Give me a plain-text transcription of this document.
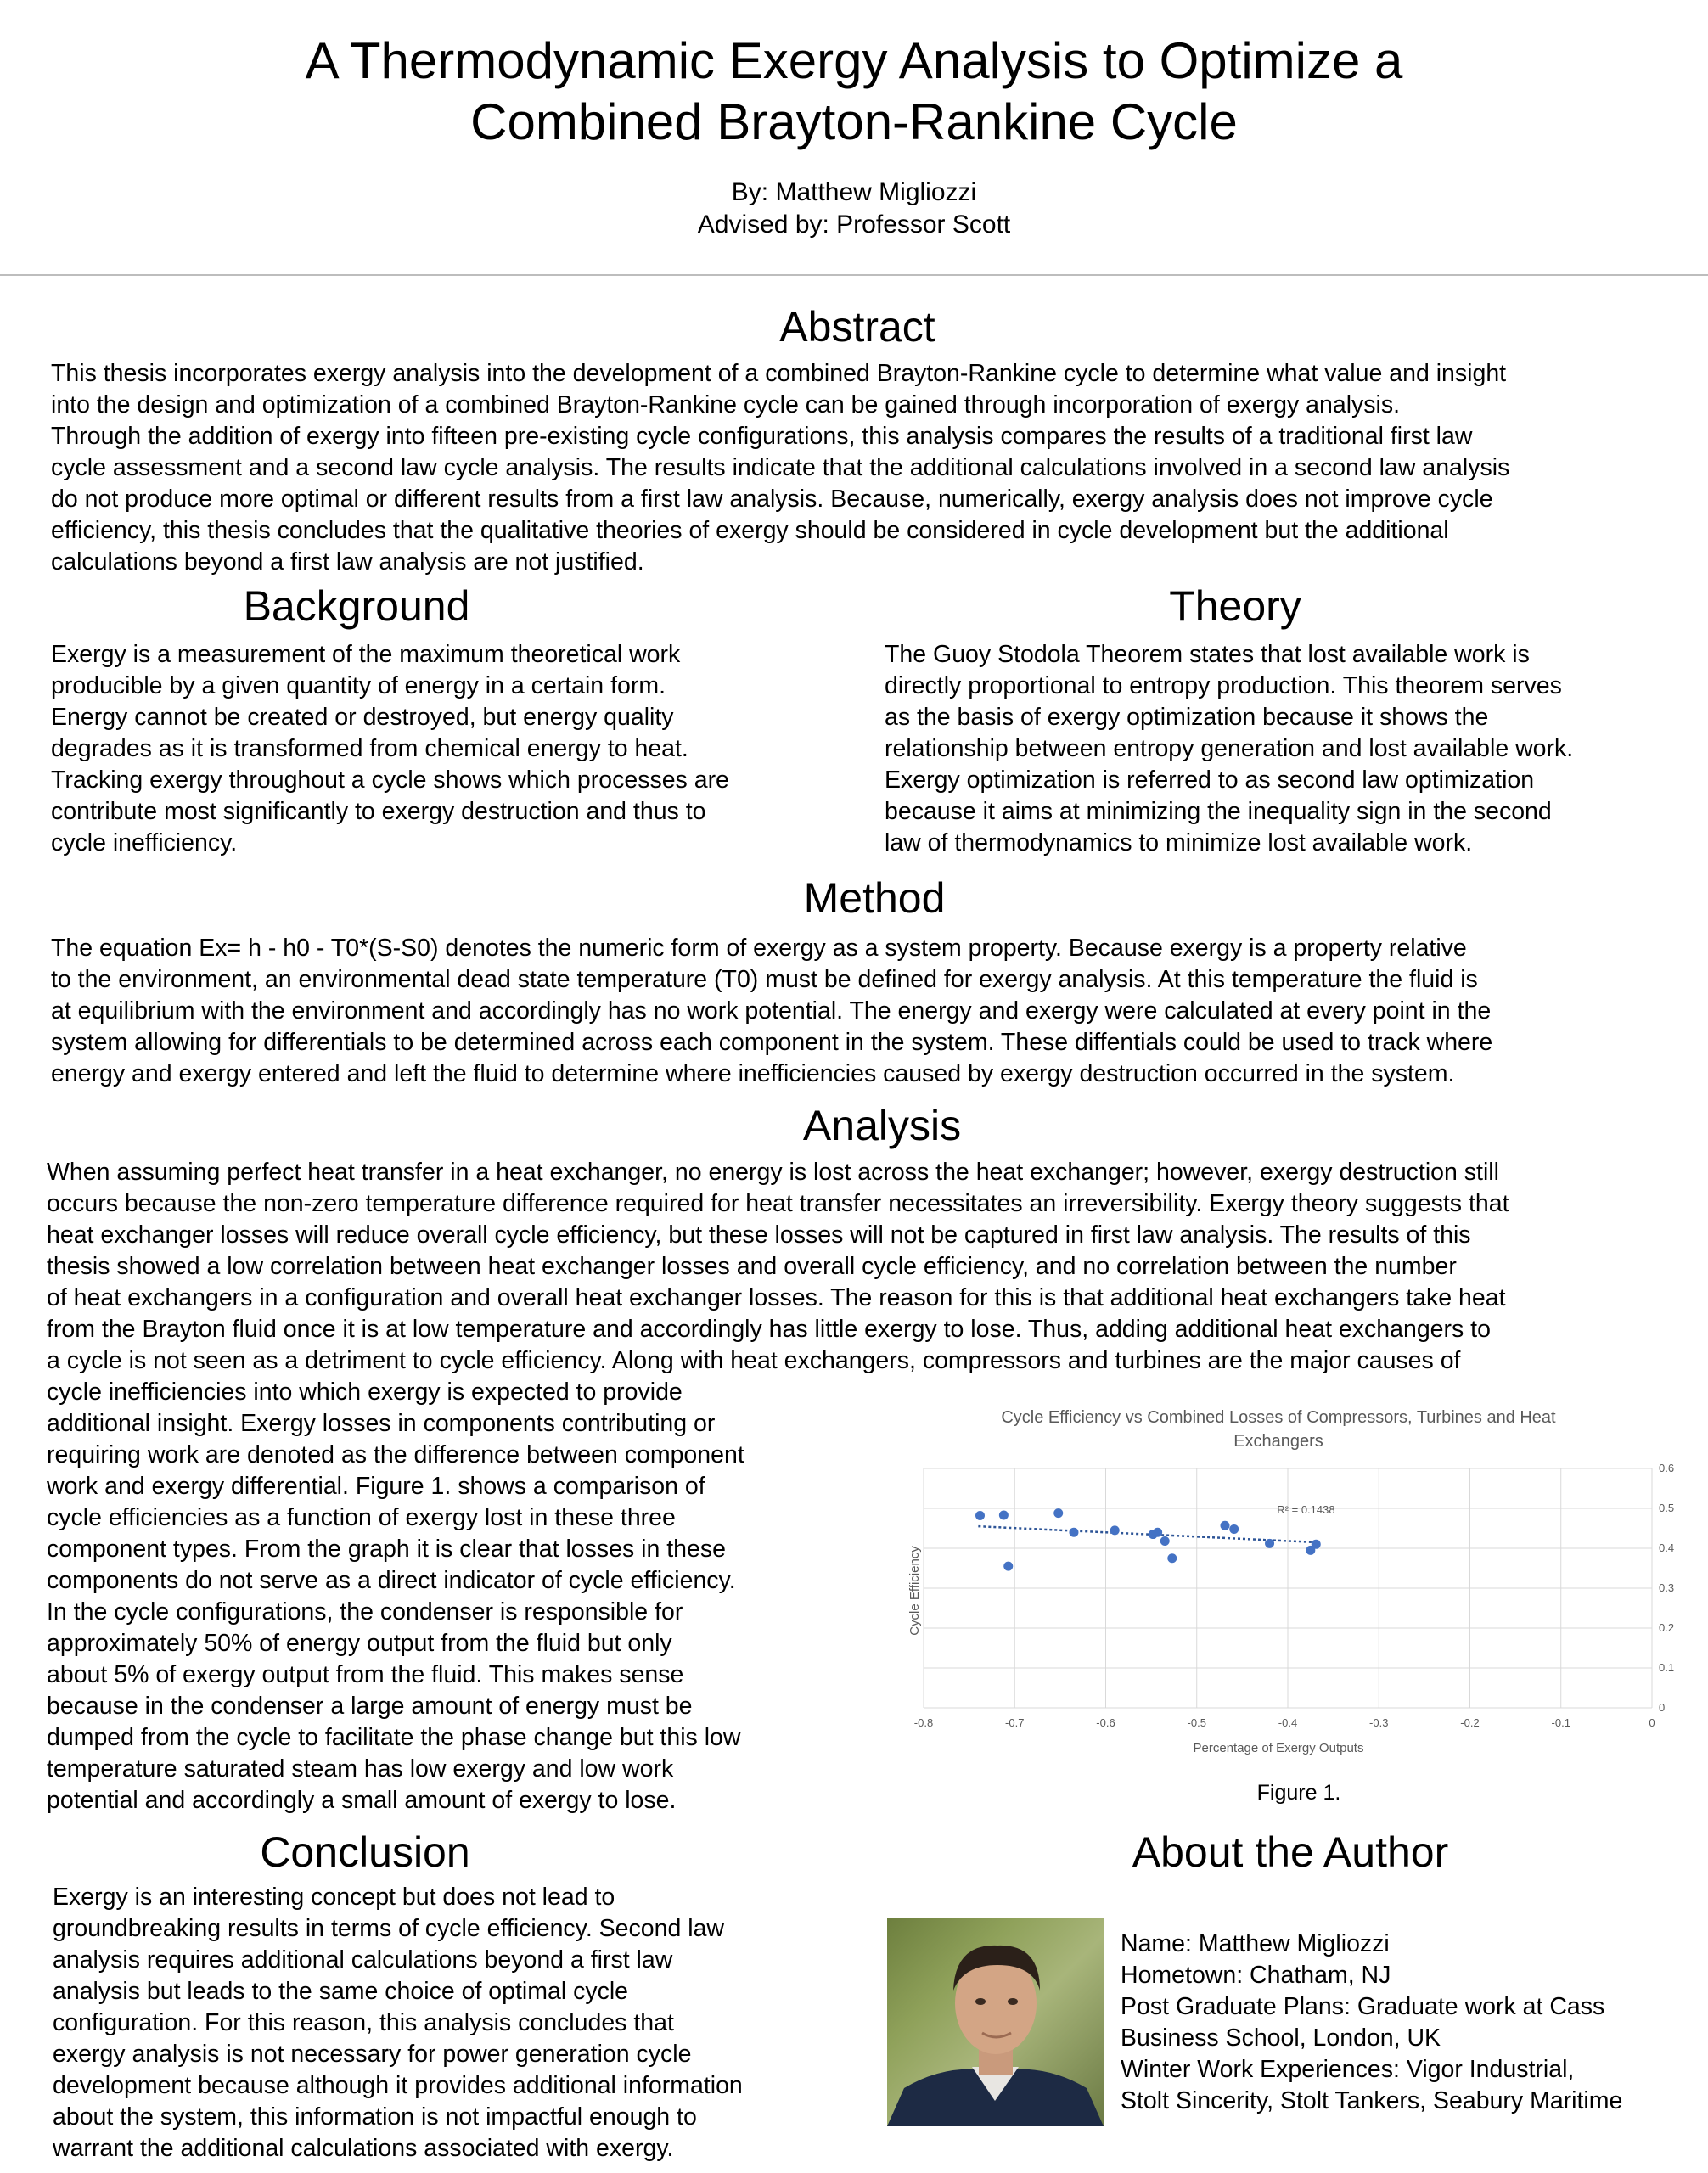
A Thermodynamic Exergy Analysis to Optimize a
Combined Brayton-Rankine Cycle
By: Matthew Migliozzi
Advised by: Professor Scott
Abstract
This thesis incorporates exergy analysis into the development of a combined Brayton-Rankine cycle to determine what value and insight
into the design and optimization of a combined Brayton-Rankine cycle can be gained through incorporation of exergy analysis.
Through the addition of exergy into fifteen pre-existing cycle configurations, this analysis compares the results of a traditional first law
cycle assessment and a second law cycle analysis. The results indicate that the additional calculations involved in a second law analysis
do not produce more optimal or different results from a first law analysis. Because, numerically, exergy analysis does not improve cycle
efficiency, this thesis concludes that the qualitative theories of exergy should be considered in cycle development but the additional
calculations beyond a first law analysis are not justified.
Background
Exergy is a measurement of the maximum theoretical work
producible by a given quantity of energy in a certain form.
Energy cannot be created or destroyed, but energy quality
degrades as it is transformed from chemical energy to heat.
Tracking exergy throughout a cycle shows which processes are
contribute most significantly to exergy destruction and thus to
cycle inefficiency.
Theory
The Guoy Stodola Theorem states that lost available work is
directly proportional to entropy production. This theorem serves
as the basis of exergy optimization because it shows the
relationship between entropy generation and lost available work.
Exergy optimization is referred to as second law optimization
because it aims at minimizing the inequality sign in the second
law of thermodynamics to minimize lost available work.
Method
The equation Ex= h - h0 - T0*(S-S0) denotes the numeric form of exergy as a system property. Because exergy is a property relative
to the environment, an environmental dead state temperature (T0) must be defined for exergy analysis. At this temperature the fluid is
at equilibrium with the environment and accordingly has no work potential. The energy and exergy were calculated at every point in the
system allowing for differentials to be determined across each component in the system. These diffentials could be used to track where
energy and exergy entered and left the fluid to determine where inefficiencies caused by exergy destruction occurred in the system.
Analysis
When assuming perfect heat transfer in a heat exchanger, no energy is lost across the heat exchanger; however, exergy destruction still
occurs because the non-zero temperature difference required for heat transfer necessitates an irreversibility. Exergy theory suggests that
heat exchanger losses will reduce overall cycle efficiency, but these losses will not be captured in first law analysis. The results of this
thesis showed a low correlation between heat exchanger losses and overall cycle efficiency, and no correlation between the number
of heat exchangers in a configuration and overall heat exchanger losses. The reason for this is that additional heat exchangers take heat
from the Brayton fluid once it is at low temperature and accordingly has little exergy to lose. Thus, adding additional heat exchangers to
a cycle is not seen as a detriment to cycle efficiency. Along with heat exchangers, compressors and turbines are the major causes of
cycle inefficiencies into which exergy is expected to provide
additional insight. Exergy losses in components contributing or
requiring work are denoted as the difference between component
work and exergy differential. Figure 1. shows a comparison of
cycle efficiencies as a function of exergy lost in these three
component types. From the graph it is clear that losses in these
components do not serve as a direct indicator of cycle efficiency.
In the cycle configurations, the condenser is responsible for
approximately 50% of energy output from the fluid but only
about 5% of exergy output from the fluid. This makes sense
because in the condenser a large amount of energy must be
dumped from the cycle to facilitate the phase change but this low
temperature saturated steam has low exergy and low work
potential and accordingly a small amount of exergy to lose.
Cycle Efficiency vs Combined Losses of Compressors, Turbines and Heat
Exchangers
-0.8	-0.7	-0.6	-0.5	-0.4	-0.3	-0.2	-0.1	0
0
0.1
0.2
0.3
0.4
0.5
0.6
R² = 0.1438
Percentage of Exergy Outputs
Cycle Efficiency
Figure 1.
Conclusion
Exergy is an interesting concept but does not lead to
groundbreaking results in terms of cycle efficiency. Second law
analysis requires additional calculations beyond a first law
analysis but leads to the same choice of optimal cycle
configuration. For this reason, this analysis concludes that
exergy analysis is not necessary for power generation cycle
development because although it provides additional information
about the system, this information is not impactful enough to
warrant the additional calculations associated with exergy.
About the Author
Name: Matthew Migliozzi
Hometown: Chatham, NJ
Post Graduate Plans: Graduate work at Cass
Business School, London, UK
Winter Work Experiences: Vigor Industrial,
Stolt Sincerity, Stolt Tankers, Seabury Maritime
